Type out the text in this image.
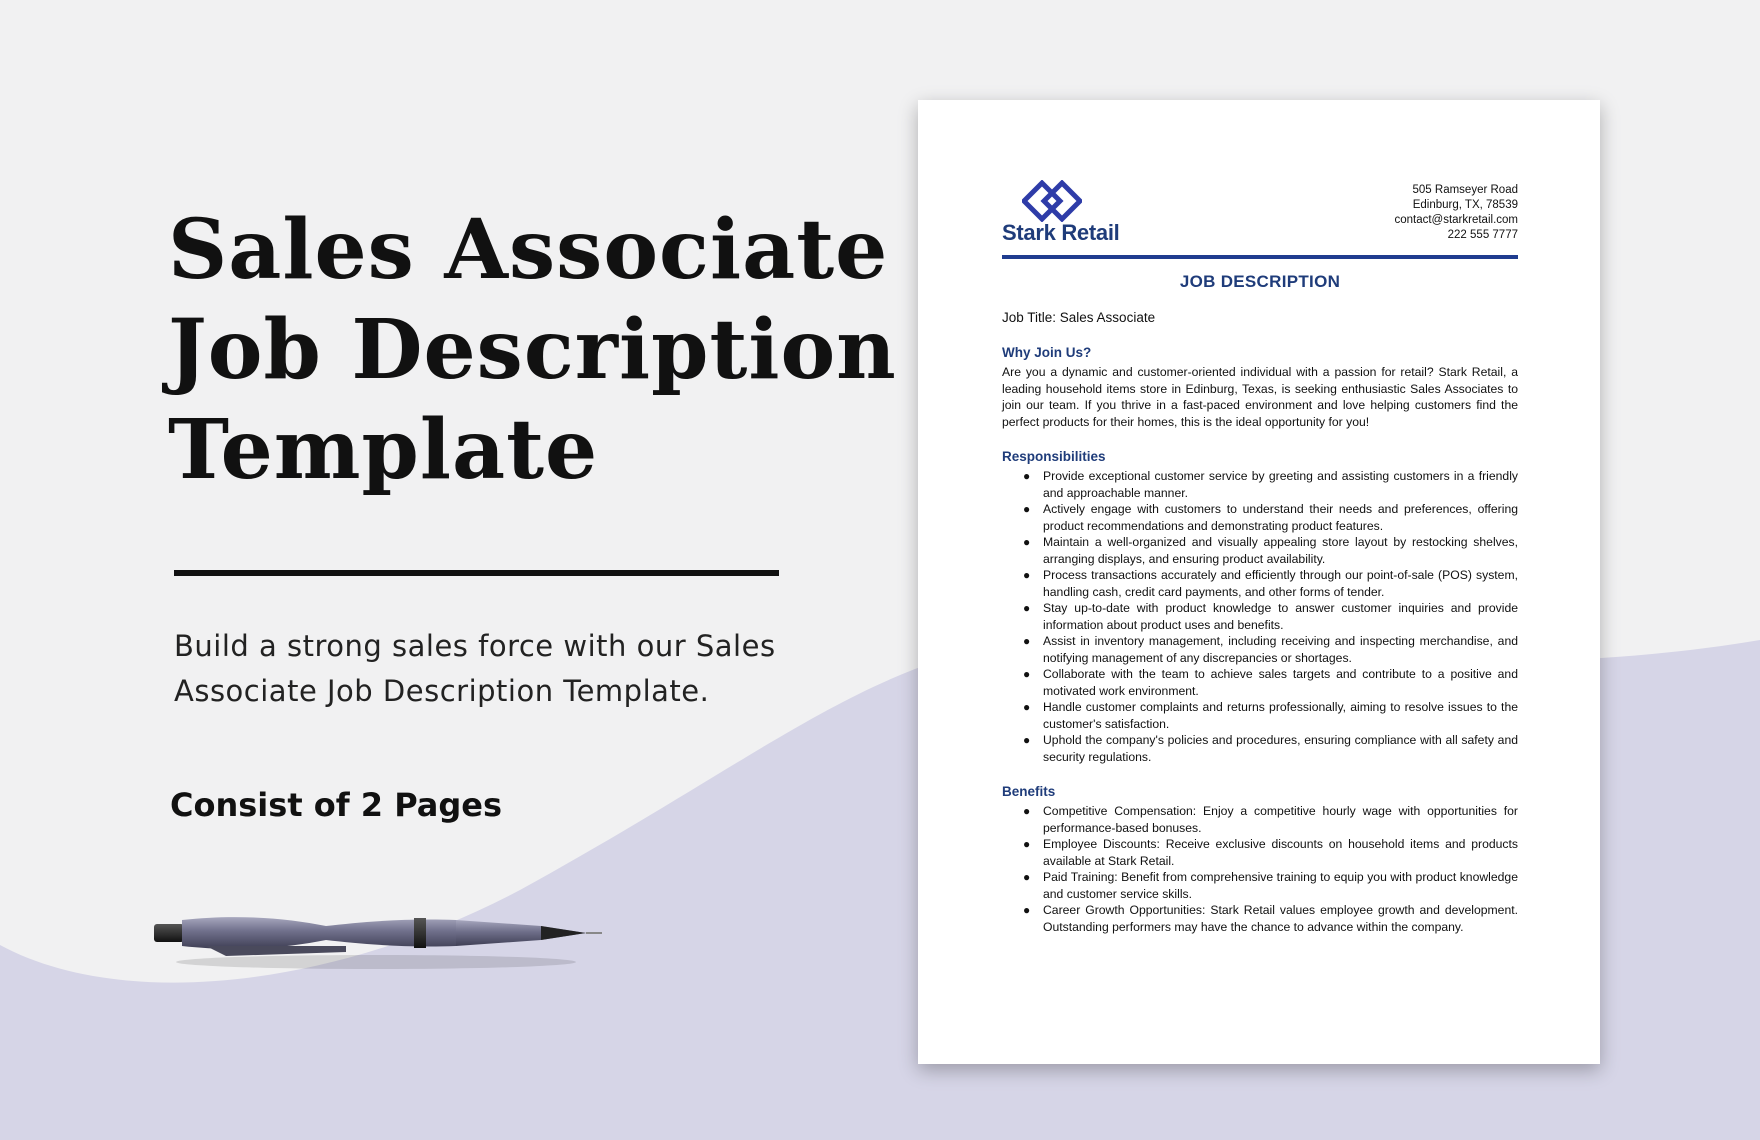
Sales Associate
Job Description
Template
Build a strong sales force with our Sales Associate Job Description Template.
Consist of 2 Pages
Stark Retail
505 Ramseyer Road
Edinburg, TX, 78539
contact@starkretail.com
222 555 7777
JOB DESCRIPTION

Job Title: Sales Associate

Why Join Us?

Are you a dynamic and customer-oriented individual with a passion for retail? Stark Retail, a leading household items store in Edinburg, Texas, is seeking enthusiastic Sales Associates to join our team. If you thrive in a fast-paced environment and love helping customers find the perfect products for their homes, this is the ideal opportunity for you!

Responsibilities

● Provide exceptional customer service by greeting and assisting customers in a friendly and approachable manner.
● Actively engage with customers to understand their needs and preferences, offering product recommendations and demonstrating product features.
● Maintain a well-organized and visually appealing store layout by restocking shelves, arranging displays, and ensuring product availability.
● Process transactions accurately and efficiently through our point-of-sale (POS) system, handling cash, credit card payments, and other forms of tender.
● Stay up-to-date with product knowledge to answer customer inquiries and provide information about product uses and benefits.
● Assist in inventory management, including receiving and inspecting merchandise, and notifying management of any discrepancies or shortages.
● Collaborate with the team to achieve sales targets and contribute to a positive and motivated work environment.
● Handle customer complaints and returns professionally, aiming to resolve issues to the customer's satisfaction.
● Uphold the company's policies and procedures, ensuring compliance with all safety and security regulations.

Benefits

● Competitive Compensation: Enjoy a competitive hourly wage with opportunities for performance-based bonuses.
● Employee Discounts: Receive exclusive discounts on household items and products available at Stark Retail.
● Paid Training: Benefit from comprehensive training to equip you with product knowledge and customer service skills.
● Career Growth Opportunities: Stark Retail values employee growth and development. Outstanding performers may have the chance to advance within the company.
